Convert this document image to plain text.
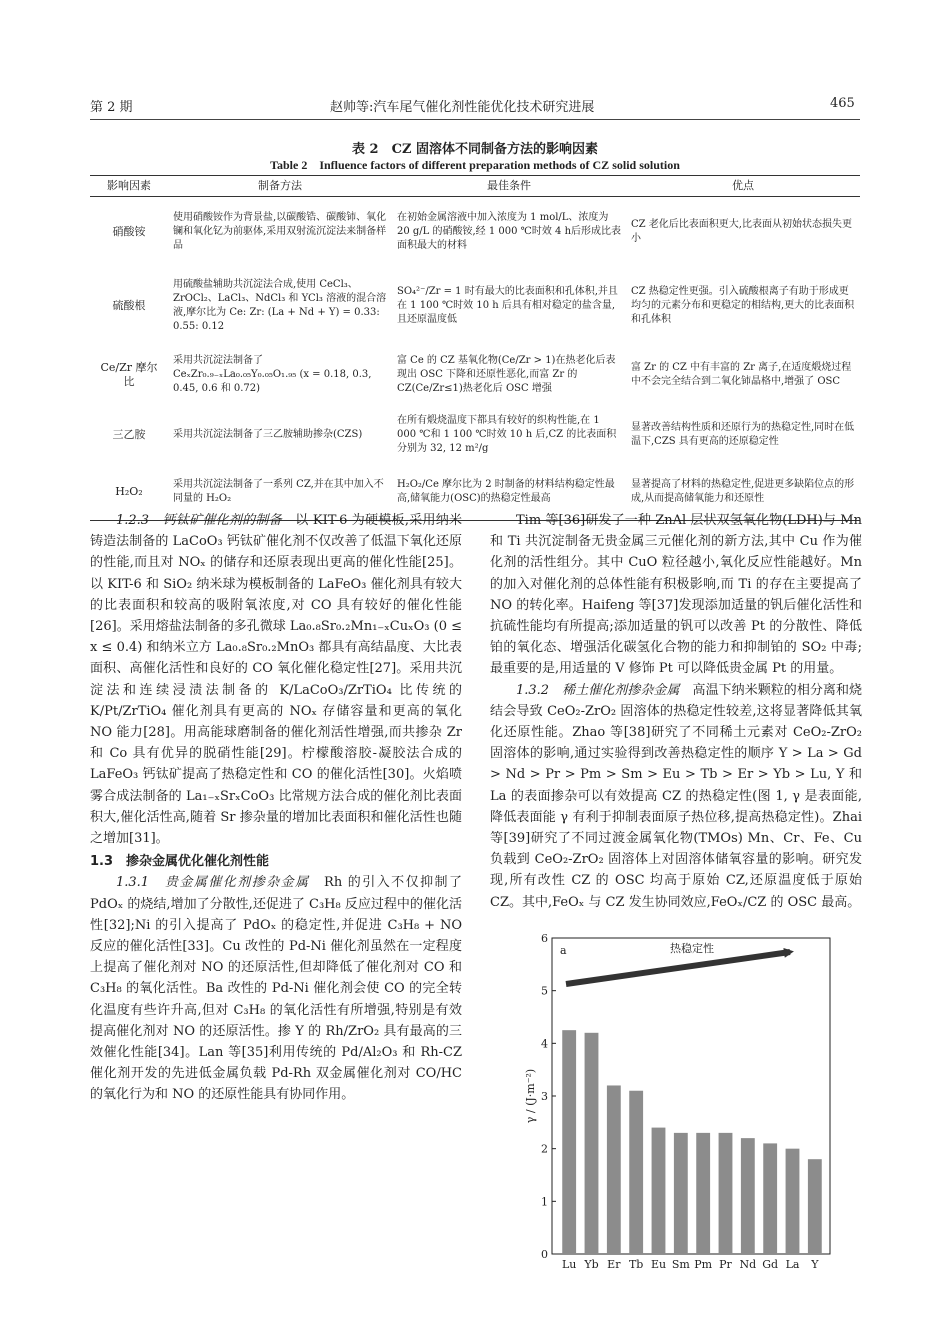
第 2 期	赵帅等:汽车尾气催化剂性能优化技术研究进展	465
表 2　CZ 固溶体不同制备方法的影响因素
Table 2　Influence factors of different preparation methods of CZ solid solution
影响因素	制备方法	最佳条件	优点
硝酸铵	使用硝酸铵作为背景盐,以碳酸锆、碳酸铈、氧化镧和氧化钇为前驱体,采用双射流沉淀法来制备样品	在初始金属溶液中加入浓度为 1 mol/L、浓度为 20 g/L 的硝酸铵,经 1 000 ℃时效 4 h后形成比表面积最大的材料	CZ 老化后比表面积更大,比表面从初始状态损失更小
硫酸根	用硫酸盐辅助共沉淀法合成,使用 CeCl₃、ZrOCl₂、LaCl₃、NdCl₃ 和 YCl₃ 溶液的混合溶液,摩尔比为 Ce: Zr: (La + Nd + Y) = 0.33: 0.55: 0.12	SO₄²⁻/Zr = 1 时有最大的比表面积和孔体积,并且在 1 100 ℃时效 10 h 后具有相对稳定的盐含量,且还原温度低	CZ 热稳定性更强。引入硫酸根离子有助于形成更均匀的元素分布和更稳定的相结构,更大的比表面积和孔体积
Ce/Zr 摩尔比	采用共沉淀法制备了 CeₓZr₀.₉₋ₓLa₀.₀₅Y₀.₀₅O₁.₉₅ (x = 0.18, 0.3, 0.45, 0.6 和 0.72)	富 Ce 的 CZ 基氧化物(Ce/Zr > 1)在热老化后表现出 OSC 下降和还原性恶化,而富 Zr 的 CZ(Ce/Zr≤1)热老化后 OSC 增强	富 Zr 的 CZ 中有丰富的 Zr 离子,在适度煅烧过程中不会完全结合到二氧化铈晶格中,增强了 OSC
三乙胺	采用共沉淀法制备了三乙胺辅助掺杂(CZS)	在所有煅烧温度下都具有较好的织构性能,在 1 000 ℃和 1 100 ℃时效 10 h 后,CZ 的比表面积分别为 32, 12 m²/g	显著改善结构性质和还原行为的热稳定性,同时在低温下,CZS 具有更高的还原稳定性
H₂O₂	采用共沉淀法制备了一系列 CZ,并在其中加入不同量的 H₂O₂	H₂O₂/Ce 摩尔比为 2 时制备的材料结构稳定性最高,储氧能力(OSC)的热稳定性最高	显著提高了材料的热稳定性,促进更多缺陷位点的形成,从而提高储氧能力和还原性

1.2.3　钙钛矿催化剂的制备　 以 KIT-6 为硬模板,采用纳米铸造法制备的 LaCoO₃ 钙钛矿催化剂不仅改善了低温下氧化还原的性能,而且对 NOₓ 的储存和还原表现出更高的催化性能[25]。以 KIT-6 和 SiO₂ 纳米球为模板制备的 LaFeO₃ 催化剂具有较大的比表面积和较高的吸附氧浓度,对 CO 具有较好的催化性能[26]。采用熔盐法制备的多孔微球 La₀.₈Sr₀.₂Mn₁₋ₓCuₓO₃ (0 ≤ x ≤ 0.4) 和纳米立方 La₀.₈Sr₀.₂MnO₃ 都具有高结晶度、大比表面积、高催化活性和良好的 CO 氧化催化稳定性[27]。采用共沉淀法和连续浸渍法制备的 K/LaCoO₃/ZrTiO₄ 比传统的 K/Pt/ZrTiO₄ 催化剂具有更高的 NOₓ 存储容量和更高的氧化 NO 能力[28]。用高能球磨制备的催化剂活性增强,而共掺杂 Zr 和 Co 具有优异的脱硝性能[29]。柠檬酸溶胶-凝胶法合成的 LaFeO₃ 钙钛矿提高了热稳定性和 CO 的催化活性[30]。火焰喷雾合成法制备的 La₁₋ₓSrₓCoO₃ 比常规方法合成的催化剂比表面积大,催化活性高,随着 Sr 掺杂量的增加比表面积和催化活性也随之增加[31]。

1.3　掺杂金属优化催化剂性能

1.3.1　贵金属催化剂掺杂金属　 Rh 的引入不仅抑制了 PdOₓ 的烧结,增加了分散性,还促进了 C₃H₈ 反应过程中的催化活性[32];Ni 的引入提高了 PdOₓ 的稳定性,并促进 C₃H₈ + NO 反应的催化活性[33]。Cu 改性的 Pd-Ni 催化剂虽然在一定程度上提高了催化剂对 NO 的还原活性,但却降低了催化剂对 CO 和 C₃H₈ 的氧化活性。Ba 改性的 Pd-Ni 催化剂会使 CO 的完全转化温度有些许升高,但对 C₃H₈ 的氧化活性有所增强,特别是有效提高催化剂对 NO 的还原活性。掺 Y 的 Rh/ZrO₂ 具有最高的三效催化性能[34]。Lan 等[35]利用传统的 Pd/Al₂O₃ 和 Rh-CZ 催化剂开发的先进低金属负载 Pd-Rh 双金属催化剂对 CO/HC 的氧化行为和 NO 的还原性能具有协同作用。

Tim 等[36]研发了一种 ZnAl 层状双氢氧化物(LDH)与 Mn 和 Ti 共沉淀制备无贵金属三元催化剂的新方法,其中 Cu 作为催化剂的活性组分。其中 CuO 粒径越小,氧化反应性能越好。Mn 的加入对催化剂的总体性能有积极影响,而 Ti 的存在主要提高了 NO 的转化率。Haifeng 等[37]发现添加适量的钒后催化活性和抗硫性能均有所提高;添加适量的钒可以改善 Pt 的分散性、降低铂的氧化态、增强活化碳氢化合物的能力和抑制铂的 SO₂ 中毒;最重要的是,用适量的 V 修饰 Pt 可以降低贵金属 Pt 的用量。

1.3.2　稀土催化剂掺杂金属　 高温下纳米颗粒的相分离和烧结会导致 CeO₂-ZrO₂ 固溶体的热稳定性较差,这将显著降低其氧化还原性能。Zhao 等[38]研究了不同稀土元素对 CeO₂-ZrO₂ 固溶体的影响,通过实验得到改善热稳定性的顺序 Y > La > Gd > Nd > Pr > Pm > Sm > Eu > Tb > Er > Yb > Lu, Y 和 La 的表面掺杂可以有效提高 CZ 的热稳定性(图 1, γ 是表面能,降低表面能 γ 有利于抑制表面原子热位移,提高热稳定性)。Zhai 等[39]研究了不同过渡金属氧化物(TMOs) Mn、Cr、Fe、Cu 负载到 CeO₂-ZrO₂ 固溶体上对固溶体储氧容量的影响。研究发现,所有改性 CZ 的 OSC 均高于原始 CZ,还原温度低于原始 CZ。其中,FeOₓ 与 CZ 发生协同效应,FeOₓ/CZ 的 OSC 最高。

0
1
2
3
4
5
6
Lu Yb Er Tb Eu Sm Pm Pr Nd Gd La Y
γ / (J·m⁻²)
a	热稳定性
